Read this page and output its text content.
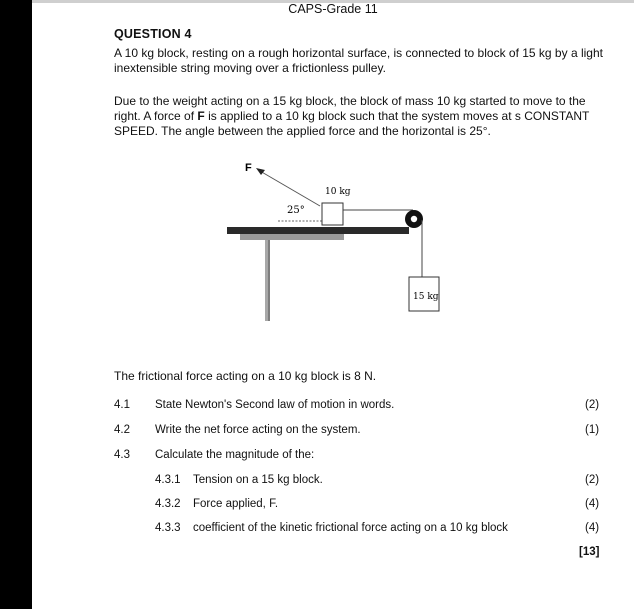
CAPS-Grade 11
QUESTION 4
A 10 kg block, resting on a rough horizontal surface, is connected to block of 15 kg by a light inextensible string moving over a frictionless pulley.
Due to the weight acting on a 15 kg block, the block of mass 10 kg started to move to the right. A force of F is applied to a 10 kg block such that the system moves at s CONSTANT SPEED. The angle between the applied force and the horizontal is 25°.
F
25°
10 kg
15 kg
The frictional force acting on a 10 kg block is 8 N.
4.1 State Newton's Second law of motion in words.	(2)
4.2 Write the net force acting on the system.	(1)
4.3 Calculate the magnitude of the:
4.3.1 Tension on a 15 kg block.	(2)
4.3.2 Force applied, F.	(4)
4.3.3 coefficient of the kinetic frictional force acting on a 10 kg block	(4)
[13]
